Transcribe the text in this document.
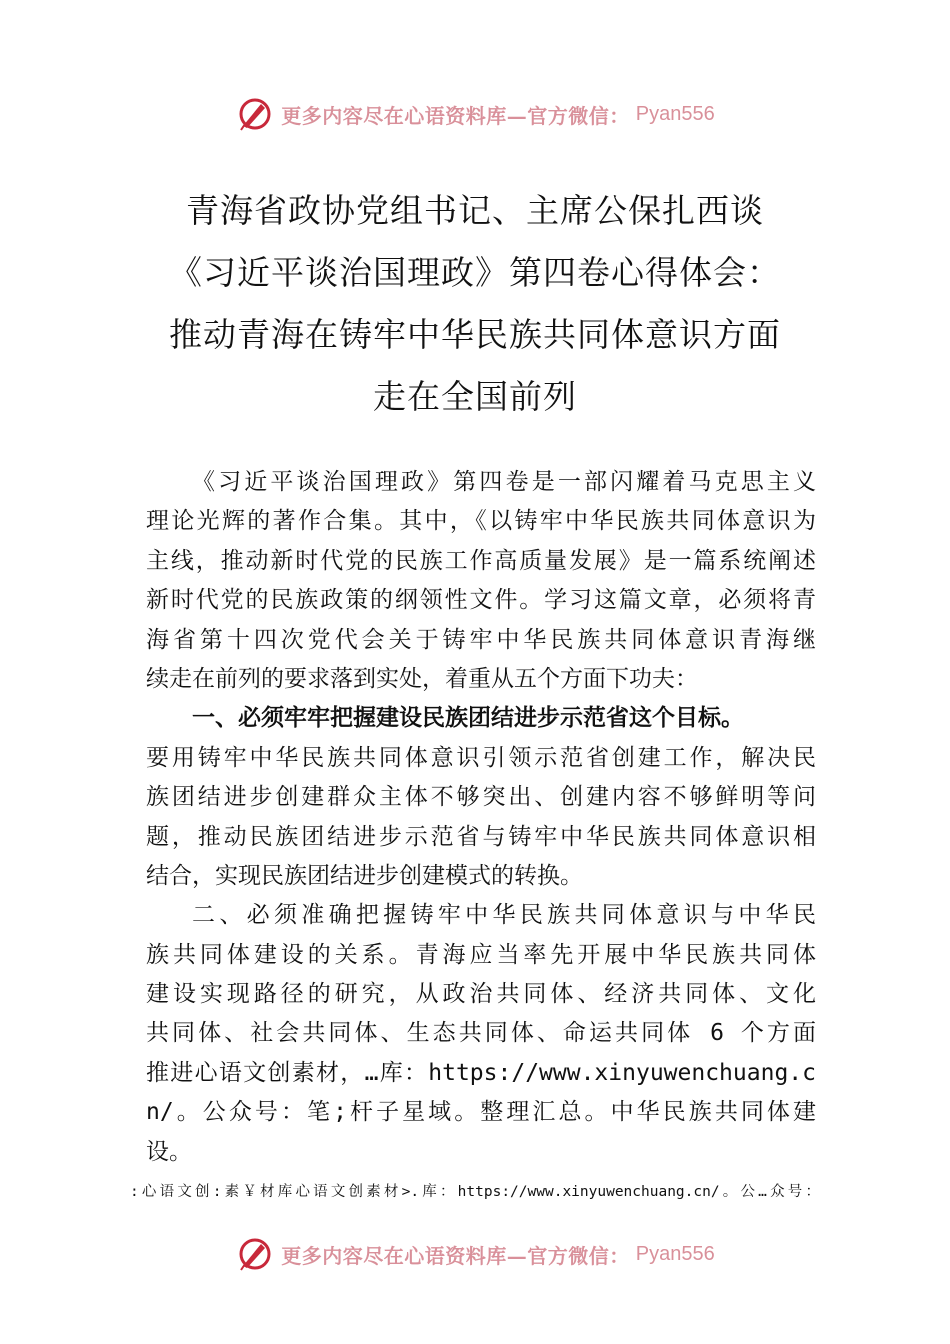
更多内容尽在心语资料库—官方微信： Pyan556
青海省政协党组书记、主席公保扎西谈
《习近平谈治国理政》第四卷心得体会：
推动青海在铸牢中华民族共同体意识方面
走在全国前列
《习近平谈治国理政》第四卷是一部闪耀着马克思主义
理论光辉的著作合集。其中，《以铸牢中华民族共同体意识为
主线，推动新时代党的民族工作高质量发展》是一篇系统阐述
新时代党的民族政策的纲领性文件。学习这篇文章，必须将青
海省第十四次党代会关于铸牢中华民族共同体意识青海继
续走在前列的要求落到实处，着重从五个方面下功夫：
一、必须牢牢把握建设民族团结进步示范省这个目标。
要用铸牢中华民族共同体意识引领示范省创建工作，解决民
族团结进步创建群众主体不够突出、创建内容不够鲜明等问
题，推动民族团结进步示范省与铸牢中华民族共同体意识相
结合，实现民族团结进步创建模式的转换。
二、必须准确把握铸牢中华民族共同体意识与中华民
族共同体建设的关系。青海应当率先开展中华民族共同体
建设实现路径的研究，从政治共同体、经济共同体、文化
共同体、社会共同体、生态共同体、命运共同体 6 个方面
推进心语文创素材，…库：https://www.xinyuwenchuang.c
n/。公众号：笔;杆子星域。整理汇总。中华民族共同体建
设。
:心语文创:素￥材库心语文创素材>.库：https://www.xinyuwenchuang.cn/。公…众号：
更多内容尽在心语资料库—官方微信： Pyan556
